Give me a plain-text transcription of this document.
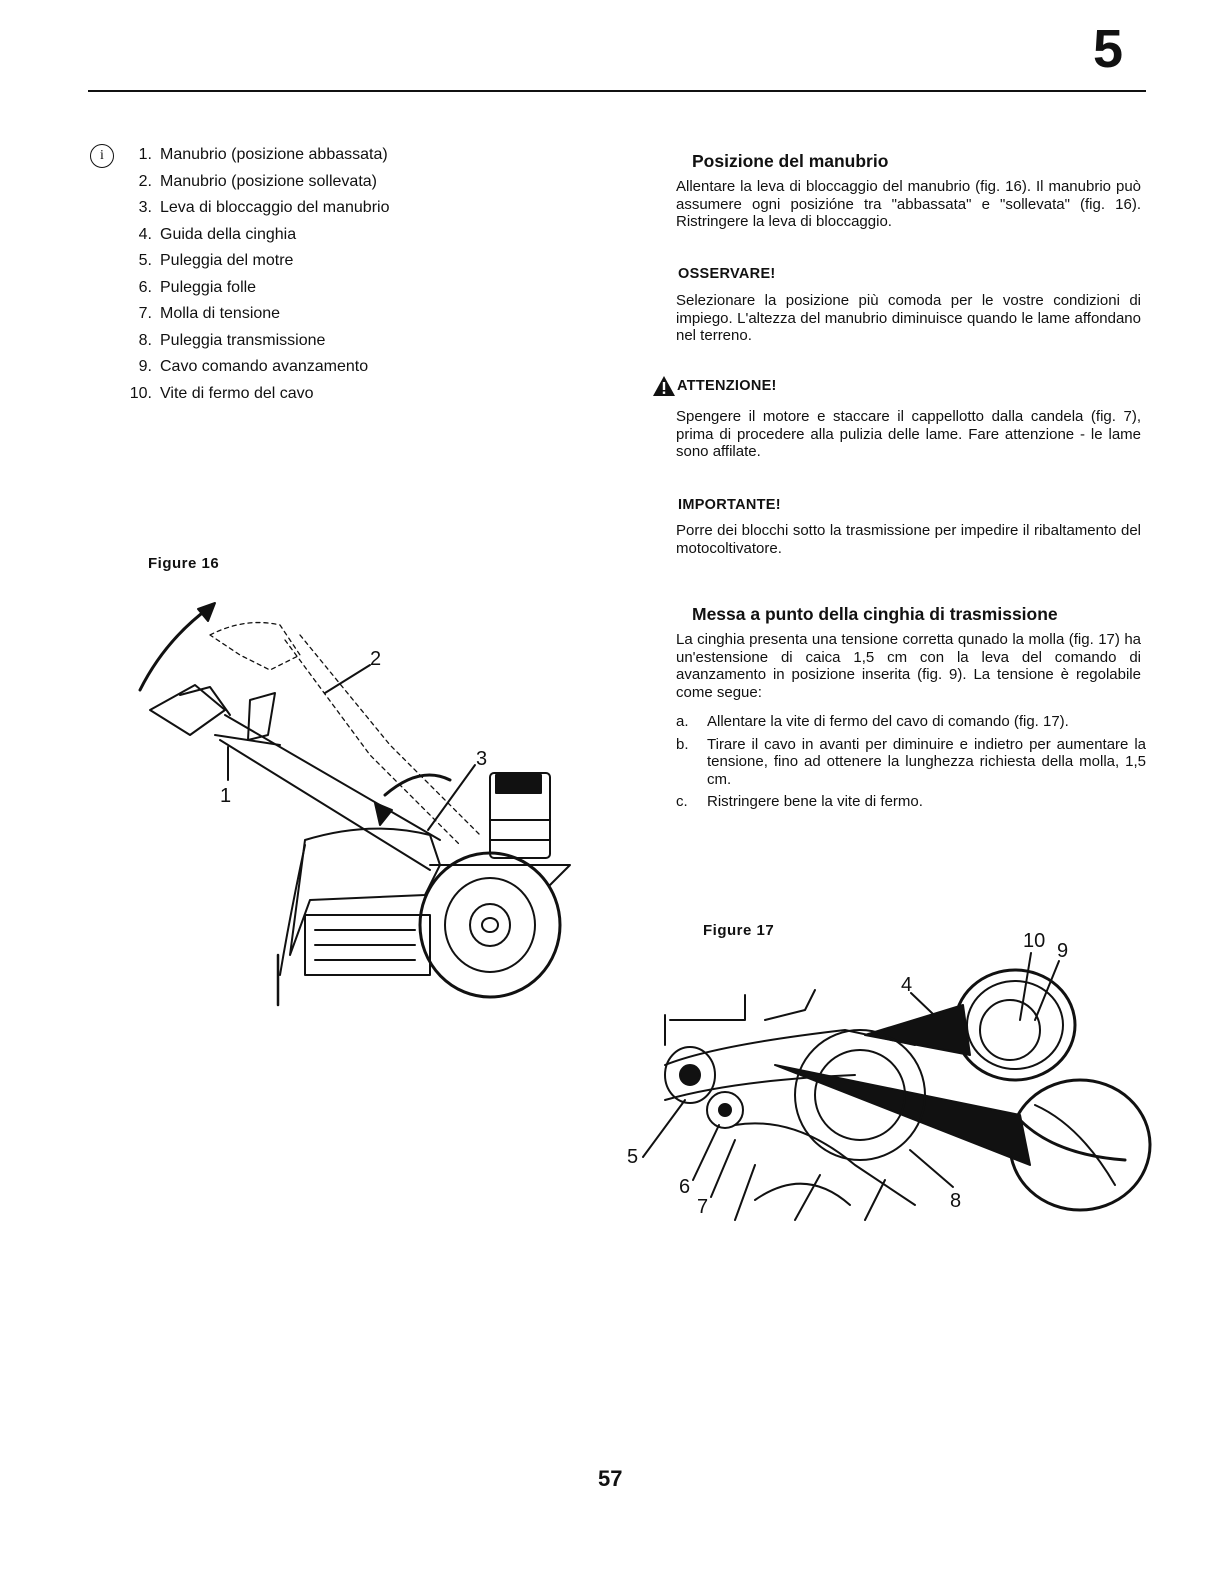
5
i	1. Manubrio (posizione abbassata)
2. Manubrio (posizione sollevata)
3. Leva di bloccaggio del manubrio
4. Guida della cinghia
5. Puleggia del motre
6. Puleggia folle
7. Molla di tensione
8. Puleggia transmissione
9. Cavo comando avanzamento
10. Vite di fermo del cavo
Figure 16
2
1
3
Posizione del manubrio
Allentare la leva di bloccaggio del manubrio (fig. 16). Il manubrio può assumere ogni posizióne tra "abbassata" e "sollevata" (fig. 16). Ristringere la leva di bloccaggio.
OSSERVARE!
Selezionare la posizione più comoda per le vostre condizioni di impiego. L'altezza del manubrio diminuisce quando le lame affondano nel terreno.
ATTENZIONE!
Spengere il motore e staccare il cappellotto dalla candela (fig. 7), prima di procedere alla pulizia delle lame. Fare attenzione - le lame sono affilate.
IMPORTANTE!
Porre dei blocchi sotto la trasmissione per impedire il ribaltamento del motocoltivatore.
Messa a punto della cinghia di trasmissione
La cinghia presenta una tensione corretta qunado la molla (fig. 17) ha un'estensione di caica 1,5 cm con la leva del comando di avanzamento in posizione inserita (fig. 9). La tensione è regolabile come segue:
a.	Allentare la vite di fermo del cavo di comando (fig. 17).
b.	Tirare il cavo in avanti per diminuire e indietro per aumentare la tensione, fino ad ottenere la lunghezza richiesta della molla, 1,5 cm.
c.	Ristringere bene la vite di fermo.
Figure 17	10 9
4
5
6
7	8
57
